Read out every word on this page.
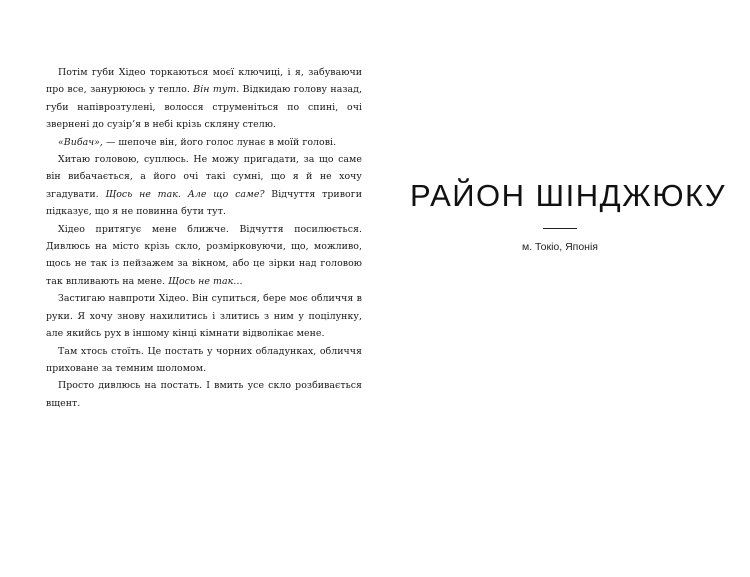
Потім губи Хідео торкаються моєї ключиці, і я, забуваючи про все, занурююсь у тепло. Він тут. Відкидаю голову назад, губи напіврозтулені, волосся струменіться по спині, очі звернені до сузір’я в небі крізь скляну стелю.

«Вибач», — шепоче він, його голос лунає в моїй голові.

Хитаю головою, суплюсь. Не можу пригадати, за що саме він вибачається, а його очі такі сумні, що я й не хочу згадувати. Щось не так. Але що саме? Відчуття тривоги підказує, що я не повинна бути тут.

Хідео притягує мене ближче. Відчуття посилюється. Дивлюсь на місто крізь скло, розмірковуючи, що, можливо, щось не так із пейзажем за вікном, або це зірки над головою так впливають на мене. Щось не так…

Застигаю навпроти Хідео. Він супиться, бере моє обличчя в руки. Я хочу знову нахилитись і злитись з ним у поцілунку, але якийсь рух в іншому кінці кімнати відволікає мене.

Там хтось стоїть. Це постать у чорних обладунках, обличчя приховане за темним шоломом.

Просто дивлюсь на постать. І вмить усе скло розбивається вщент.

РАЙОН ШІНДЖЮКУ

м. Токіо, Японія
